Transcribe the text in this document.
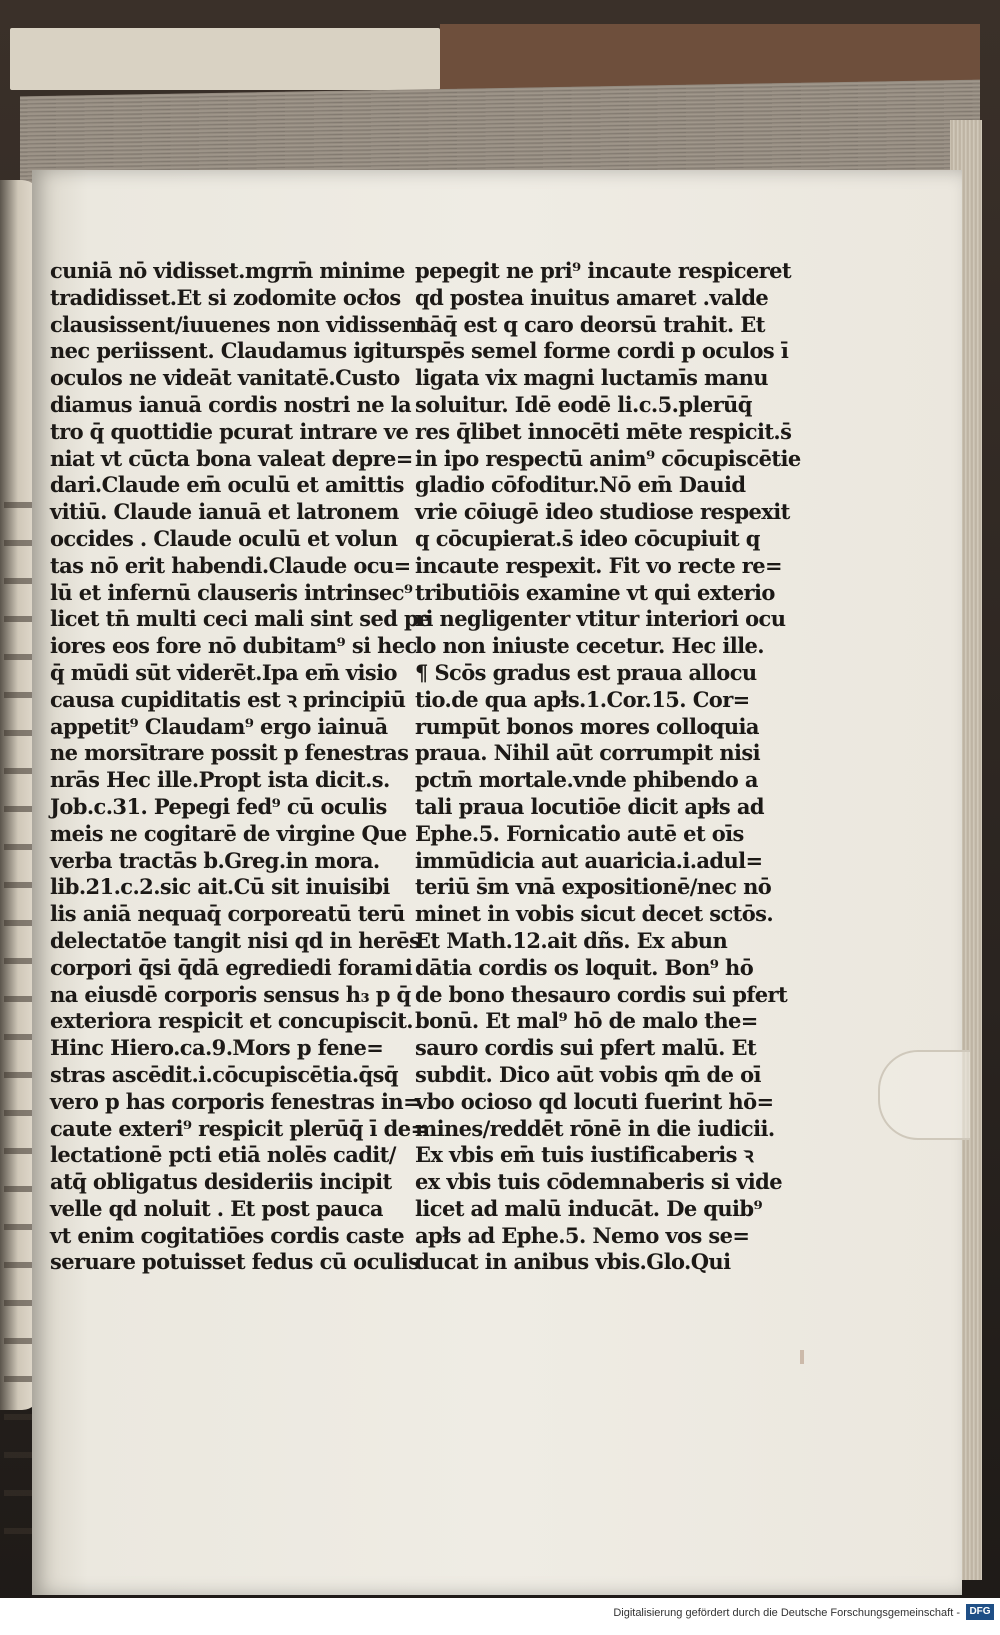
cuniā nō vidisset.mgrm̄ minime
tradidisset.Et si zodomite ocłos
clausissent/iuuenes non vidissent
nec periissent. Claudamus igitur
oculos ne videāt vanitatē.Custo
diamus ianuā cordis nostri ne la
tro q̄ quottidie pcurat intrare ve
niat vt cūcta bona valeat depre=
dari.Claude em̄ oculū et amittis
vitiū. Claude ianuā et latronem
occides . Claude oculū et volun
tas nō erit habendi.Claude ocu=
lū et infernū clauseris intrinsec⁹
licet tn̄ multi ceci mali sint sed pe
iores eos fore nō dubitam⁹ si hec
q̄ mūdi sūt viderēt.Ipa em̄ visio
causa cupiditatis est ꝛ principiū
appetit⁹ Claudam⁹ ergo iainuā
ne morsītrare possit p fenestras
nrās Hec ille.Propt ista dicit.s.
Job.c.31. Pepegi fed⁹ cū oculis
meis ne cogitarē de virgine Que
verba tractās b.Greg.in mora.
lib.21.c.2.sic ait.Cū sit inuisibi
lis aniā nequaq̄ corporeatū terū
delectatōe tangit nisi qd in herēs
corpori q̄si q̄dā egrediedi forami
na eiusdē corporis sensus h₃ p q̄
exteriora respicit et concupiscit.
Hinc Hiero.ca.9.Mors p fene=
stras ascēdit.i.cōcupiscētia.q̄sq̄
vero p has corporis fenestras in=
caute exteri⁹ respicit plerūq̄ ī de=
lectationē pcti etiā nolēs cadit/
atq̄ obligatus desideriis incipit
velle qd noluit . Et post pauca
vt enim cogitatiōes cordis caste
seruare potuisset fedus cū oculis
pepegit ne pri⁹ incaute respiceret
qd postea inuitus amaret .valde
nāq̄ est q caro deorsū trahit. Et
spēs semel forme cordi p oculos ī
ligata vix magni luctamīs manu
soluitur. Idē eodē li.c.5.plerūq̄
res q̄libet innocēti mēte respicit.s̄
in ipo respectū anim⁹ cōcupiscētie
gladio cōfoditur.Nō em̄ Dauid
vrie cōiugē ideo studiose respexit
q cōcupierat.s̄ ideo cōcupiuit q
incaute respexit. Fit vo recte re=
tributiōis examine vt qui exterio
ri negligenter vtitur interiori ocu
lo non iniuste cecetur. Hec ille.
¶ Scōs gradus est praua allocu
tio.de qua apłs.1.Cor.15. Cor=
rumpūt bonos mores colloquia
praua. Nihil aūt corrumpit nisi
pctm̄ mortale.vnde phibendo a
tali praua locutiōe dicit apłs ad
Ephe.5. Fornicatio autē et oīs
immūdicia aut auaricia.i.adul=
teriū s̄m vnā expositionē/nec nō
minet in vobis sicut decet sctōs.
Et Math.12.ait dñs. Ex abun
dātia cordis os loquit. Bon⁹ hō
de bono thesauro cordis sui pfert
bonū. Et mal⁹ hō de malo the=
sauro cordis sui pfert malū. Et
subdit. Dico aūt vobis qm̄ de oī
vbo ocioso qd locuti fuerint hō=
mines/reddēt rōnē in die iudicii.
Ex vbis em̄ tuis iustificaberis ꝛ
ex vbis tuis cōdemnaberis si vide
licet ad malū inducāt. De quib⁹
apłs ad Ephe.5. Nemo vos se=
ducat in anibus vbis.Glo.Qui
Digitalisierung gefördert durch die Deutsche Forschungsgemeinschaft - DFG
